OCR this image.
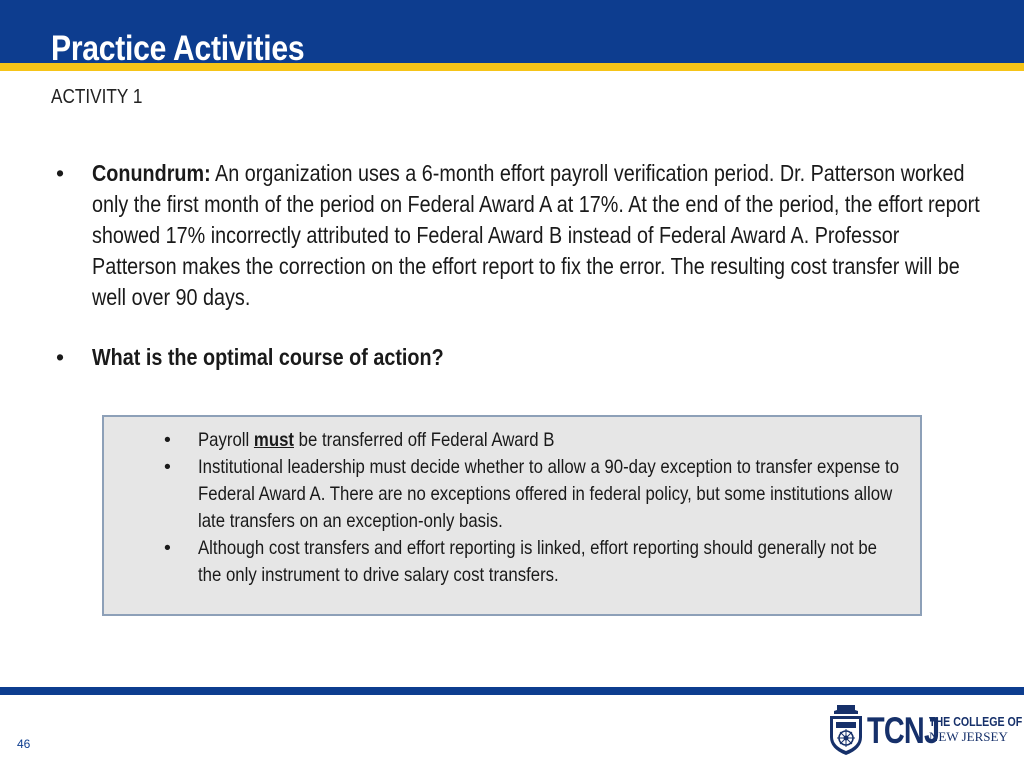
Practice Activities
ACTIVITY 1
• Conundrum: An organization uses a 6-month effort payroll verification period. Dr. Patterson worked only the first month of the period on Federal Award A at 17%. At the end of the period, the effort report showed 17% incorrectly attributed to Federal Award B instead of Federal Award A. Professor Patterson makes the correction on the effort report to fix the error. The resulting cost transfer will be well over 90 days.
• What is the optimal course of action?
• Payroll must be transferred off Federal Award B
• Institutional leadership must decide whether to allow a 90-day exception to transfer expense to Federal Award A. There are no exceptions offered in federal policy, but some institutions allow late transfers on an exception-only basis.
• Although cost transfers and effort reporting is linked, effort reporting should generally not be the only instrument to drive salary cost transfers.
46	TCNJ
THE COLLEGE OF
NEW JERSEY
